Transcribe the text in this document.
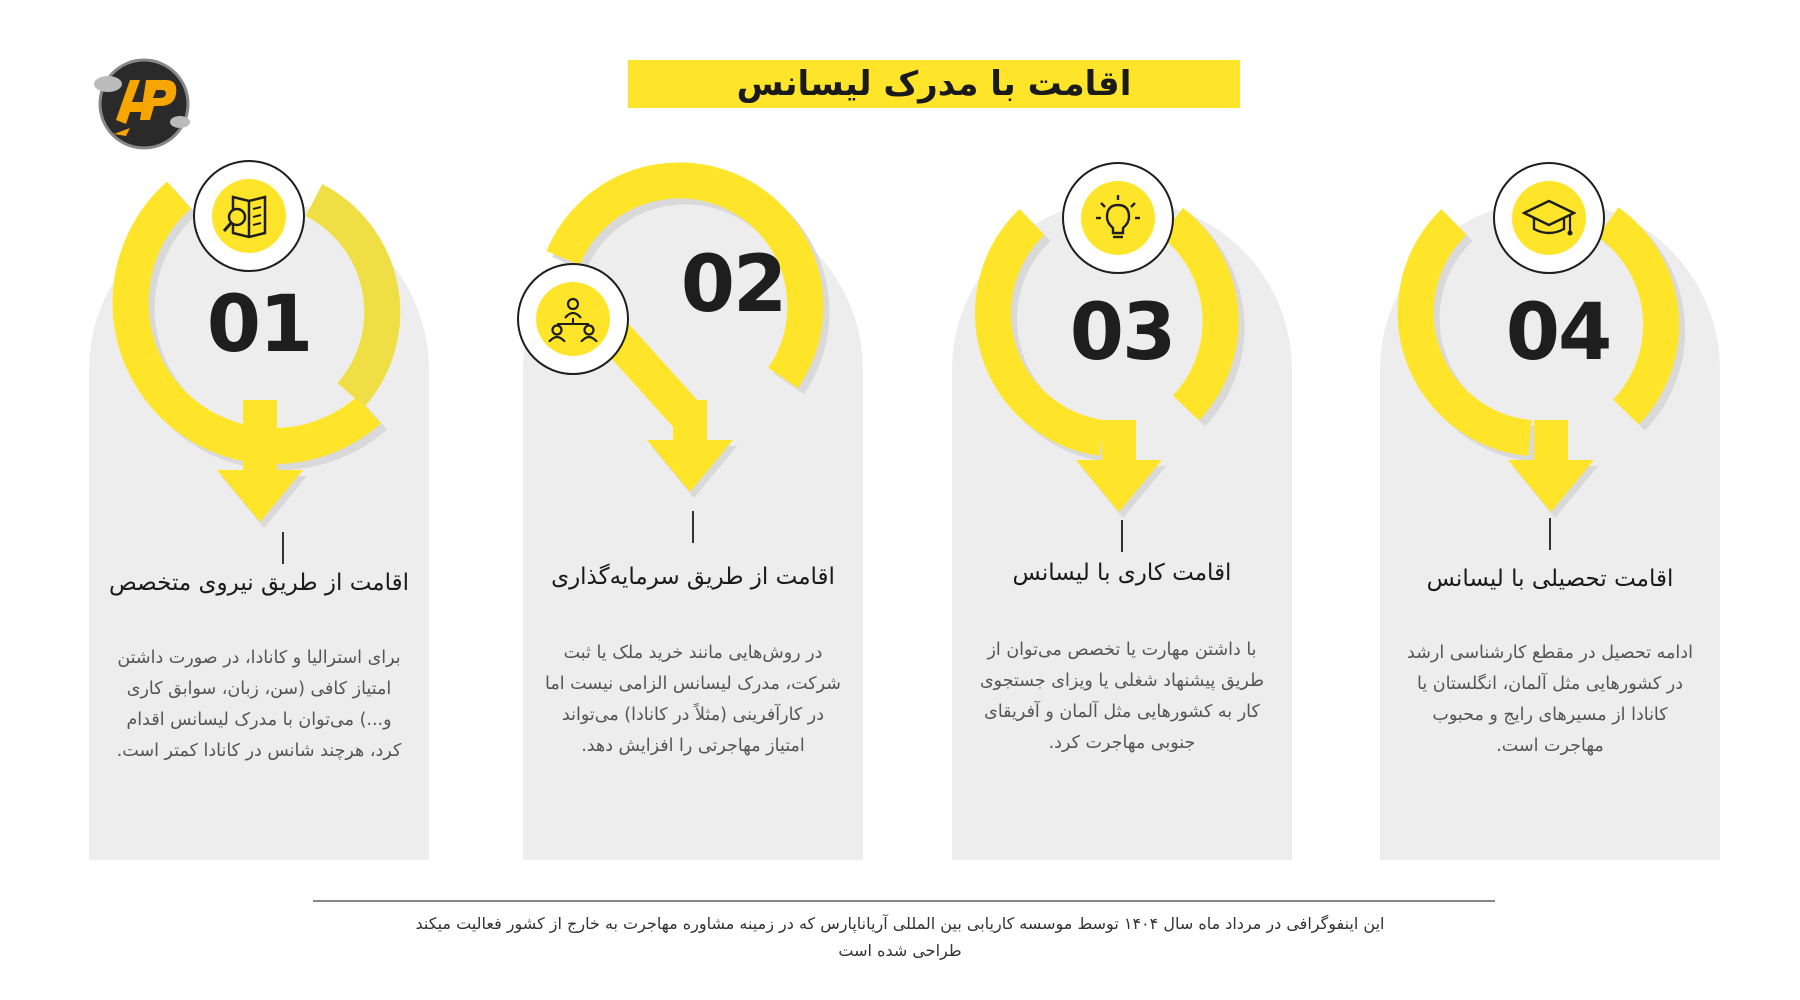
اقامت با مدرک لیسانس
01
اقامت از طریق نیروی متخصص
برای استرالیا و کانادا، در صورت داشتن امتیاز کافی (سن، زبان، سوابق کاری و...) می‌توان با مدرک لیسانس اقدام کرد، هرچند شانس در کانادا کمتر است.
02
اقامت از طریق سرمایه‌گذاری
در روش‌هایی مانند خرید ملک یا ثبت شرکت، مدرک لیسانس الزامی نیست اما در کارآفرینی (مثلاً در کانادا) می‌تواند امتیاز مهاجرتی را افزایش دهد.
03
اقامت کاری با لیسانس
با داشتن مهارت یا تخصص می‌توان از طریق پیشنهاد شغلی یا ویزای جستجوی کار به کشورهایی مثل آلمان و آفریقای جنوبی مهاجرت کرد.
04
اقامت تحصیلی با لیسانس
ادامه تحصیل در مقطع کارشناسی ارشد در کشورهایی مثل آلمان، انگلستان یا کانادا از مسیرهای رایج و محبوب مهاجرت است.
این اینفوگرافی در مرداد ماه سال ۱۴۰۴ توسط موسسه کاریابی بین المللی آریاناپارس که در زمینه مشاوره مهاجرت به خارج از کشور فعالیت میکند طراحی شده است
